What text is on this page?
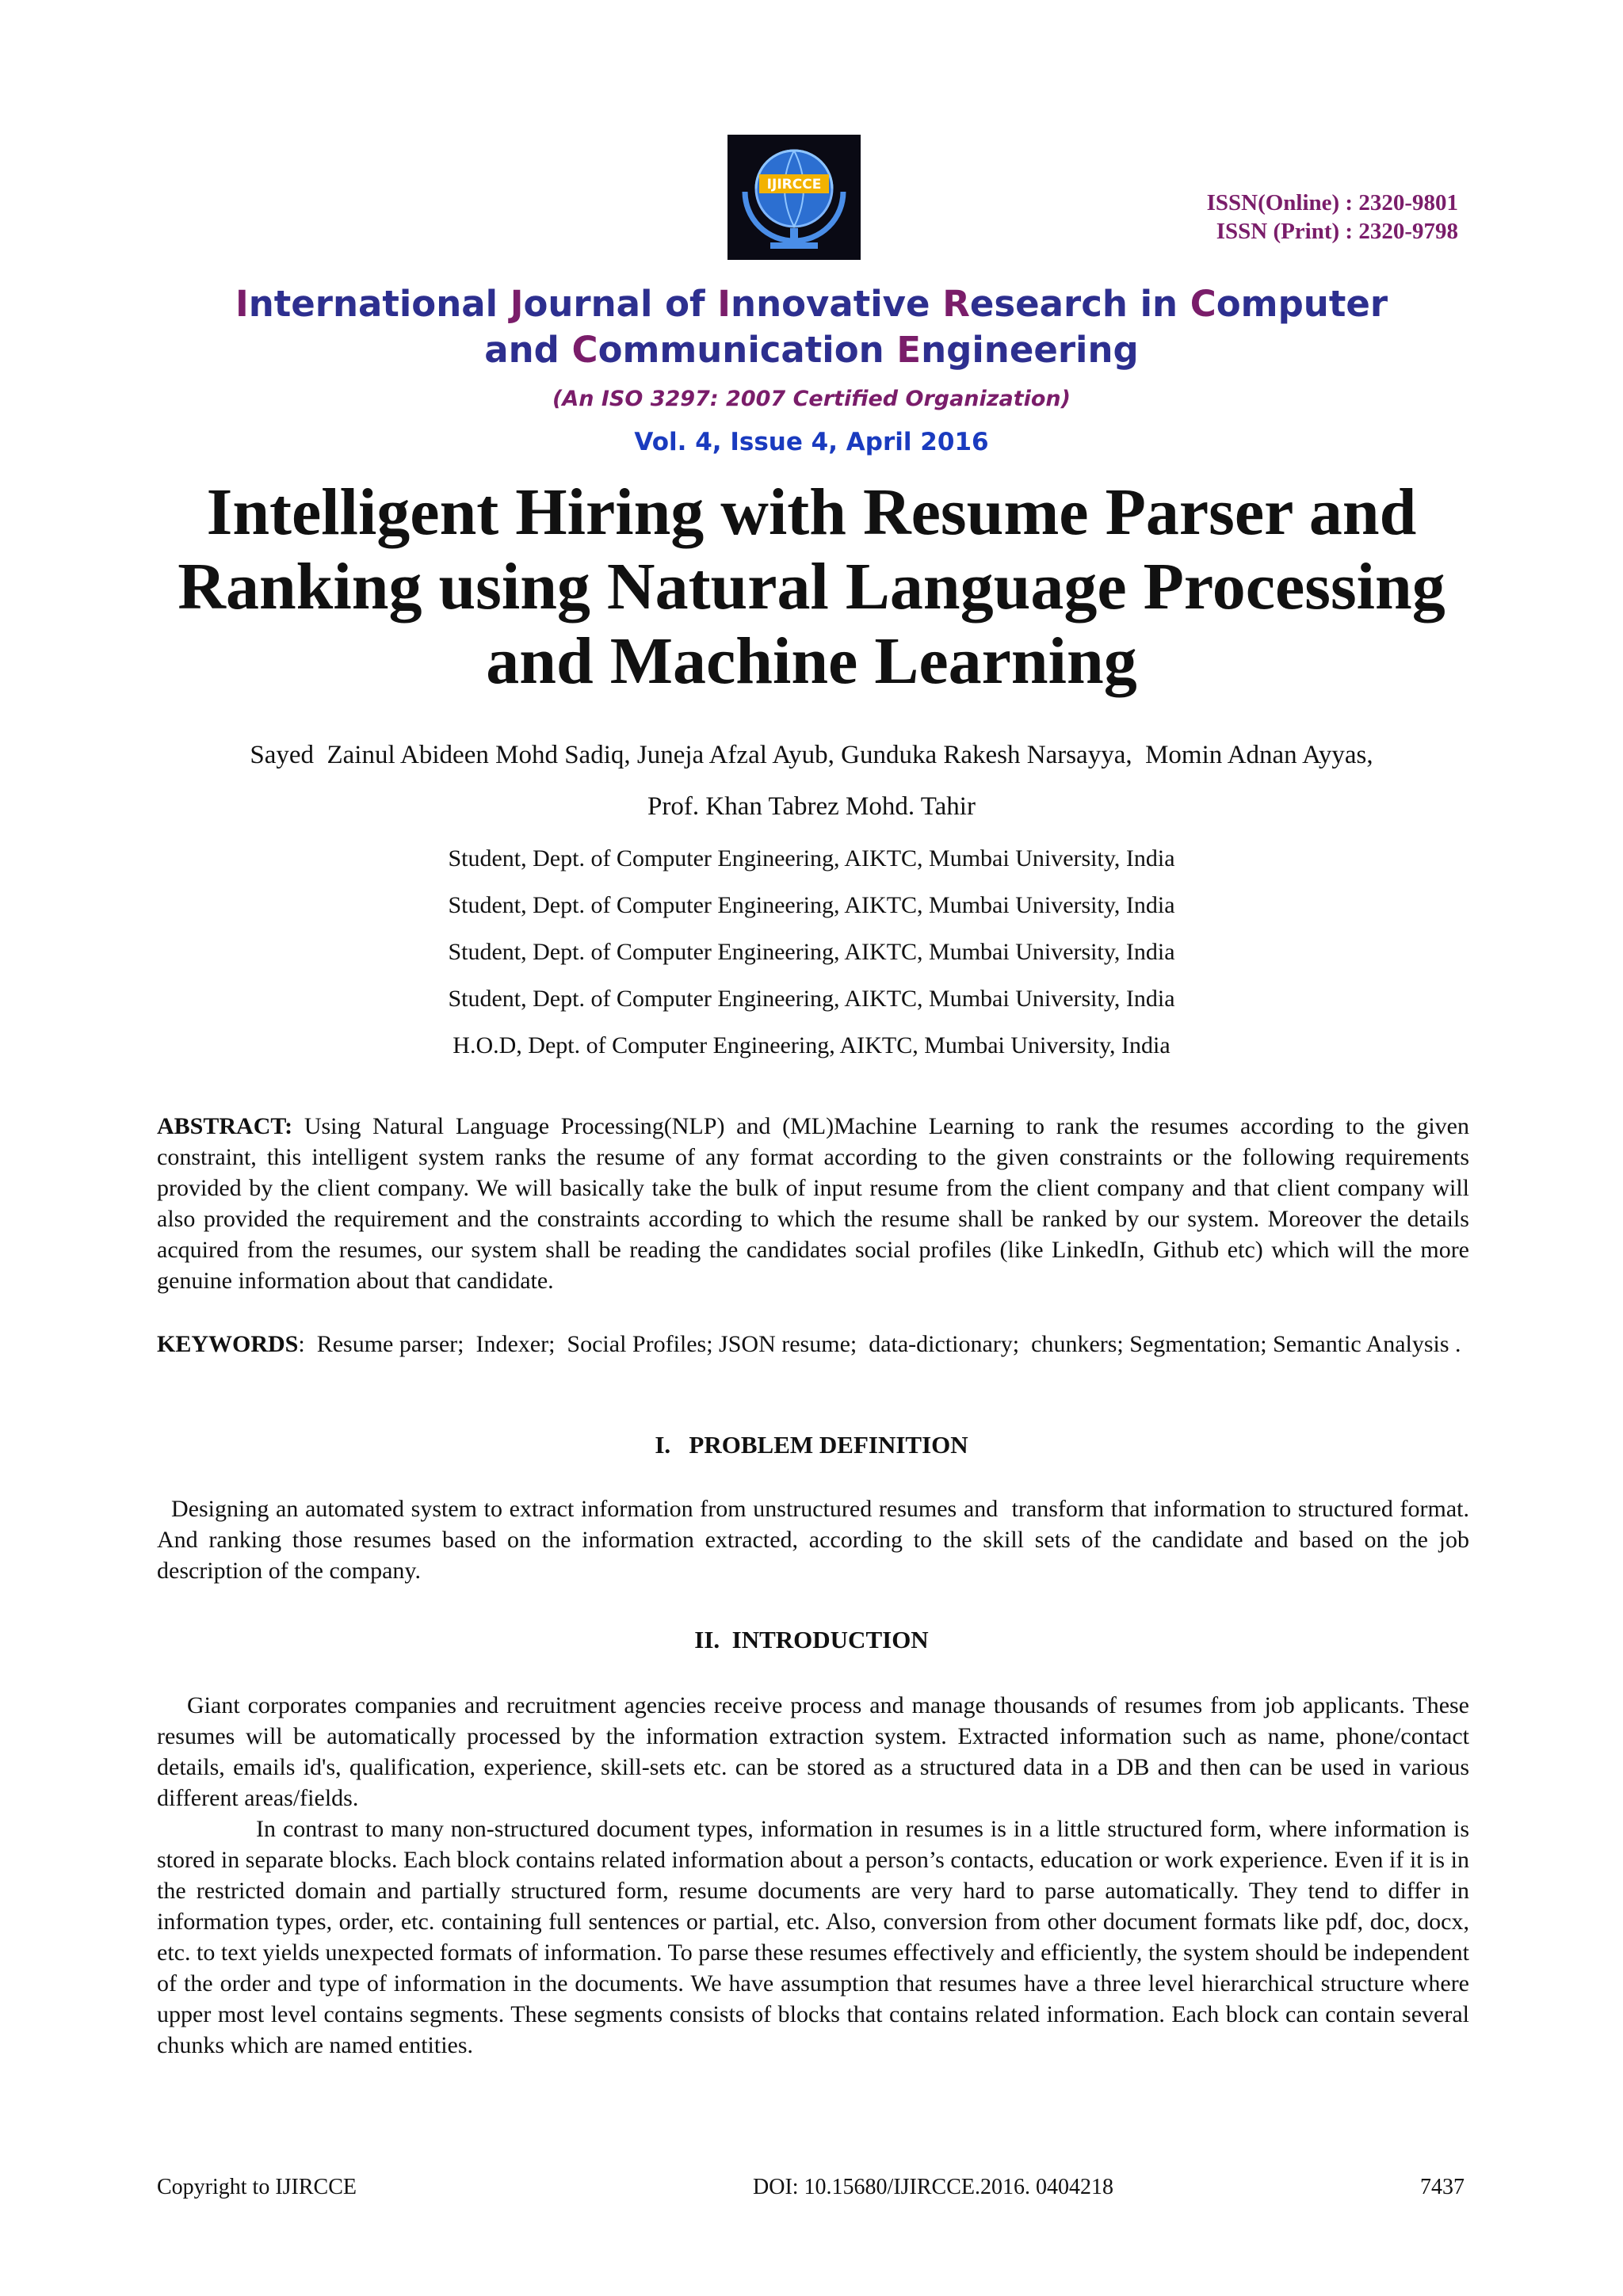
IJIRCCE
ISSN(Online) : 2320-9801
ISSN (Print) : 2320-9798
International Journal of Innovative Research in Computer
and Communication Engineering
(An ISO 3297: 2007 Certified Organization)
Vol. 4, Issue 4, April 2016
Intelligent Hiring with Resume Parser and
Ranking using Natural Language Processing
and Machine Learning
Sayed  Zainul Abideen Mohd Sadiq, Juneja Afzal Ayub, Gunduka Rakesh Narsayya,  Momin Adnan Ayyas,
Prof. Khan Tabrez Mohd. Tahir
Student, Dept. of Computer Engineering, AIKTC, Mumbai University, India
Student, Dept. of Computer Engineering, AIKTC, Mumbai University, India
Student, Dept. of Computer Engineering, AIKTC, Mumbai University, India
Student, Dept. of Computer Engineering, AIKTC, Mumbai University, India
H.O.D, Dept. of Computer Engineering, AIKTC, Mumbai University, India
ABSTRACT: Using Natural Language Processing(NLP) and (ML)Machine Learning to rank the resumes according to the given constraint, this intelligent system ranks the resume of any format according to the given constraints or the following requirements provided by the client company. We will basically take the bulk of input resume from the client company and that client company will also provided the requirement and the constraints according to which the resume shall be ranked by our system. Moreover the details acquired from the resumes, our system shall be reading the candidates social profiles (like LinkedIn, Github etc) which will the more genuine information about that candidate.
KEYWORDS:  Resume parser;  Indexer;  Social Profiles; JSON resume;  data-dictionary;  chunkers; Segmentation; Semantic Analysis .
I.   PROBLEM DEFINITION
Designing an automated system to extract information from unstructured resumes and  transform that information to structured format. And ranking those resumes based on the information extracted, according to the skill sets of the candidate and based on the job description of the company.
II.  INTRODUCTION
Giant corporates companies and recruitment agencies receive process and manage thousands of resumes from job applicants. These resumes will be automatically processed by the information extraction system. Extracted information such as name, phone/contact details, emails id's, qualification, experience, skill-sets etc. can be stored as a structured data in a DB and then can be used in various different areas/fields.
In contrast to many non-structured document types, information in resumes is in a little structured form, where information is stored in separate blocks. Each block contains related information about a person’s contacts, education or work experience. Even if it is in the restricted domain and partially structured form, resume documents are very hard to parse automatically. They tend to differ in information types, order, etc. containing full sentences or partial, etc. Also, conversion from other document formats like pdf, doc, docx, etc. to text yields unexpected formats of information. To parse these resumes effectively and efficiently, the system should be independent of the order and type of information in the documents. We have assumption that resumes have a three level hierarchical structure where upper most level contains segments. These segments consists of blocks that contains related information. Each block can contain several chunks which are named entities.
Copyright to IJIRCCE	DOI: 10.15680/IJIRCCE.2016. 0404218	7437
